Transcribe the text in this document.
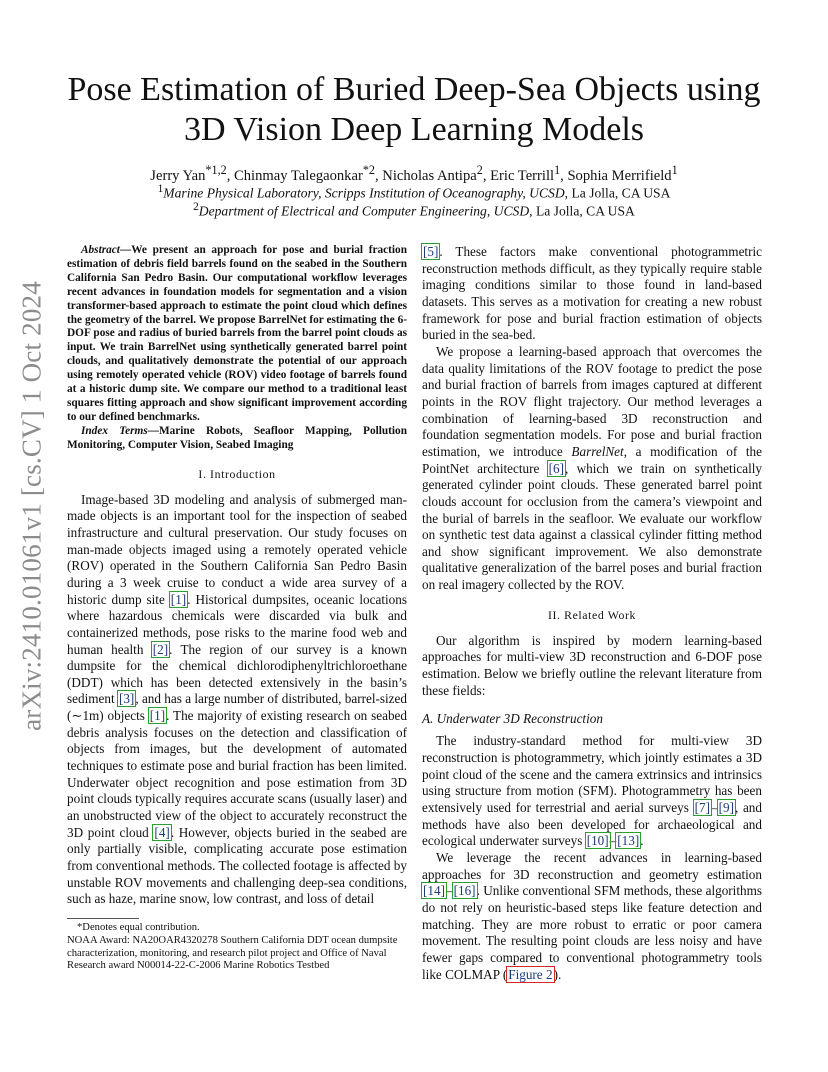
arXiv:2410.01061v1 [cs.CV] 1 Oct 2024
Pose Estimation of Buried Deep-Sea Objects using
3D Vision Deep Learning Models
Jerry Yan$^{*1,2}$, Chinmay Talegaonkar$^{*2}$, Nicholas Antipa$^2$, Eric Terrill$^1$, Sophia Merrifield$^1$
$^1$Marine Physical Laboratory, Scripps Institution of Oceanography, UCSD, La Jolla, CA USA
$^2$Department of Electrical and Computer Engineering, UCSD, La Jolla, CA USA

Abstract—We present an approach for pose and burial fraction estimation of debris field barrels found on the seabed in the Southern California San Pedro Basin. Our computational workflow leverages recent advances in foundation models for segmentation and a vision transformer-based approach to estimate the point cloud which defines the geometry of the barrel. We propose BarrelNet for estimating the 6-DOF pose and radius of buried barrels from the barrel point clouds as input. We train BarrelNet using synthetically generated barrel point clouds, and qualitatively demonstrate the potential of our approach using remotely operated vehicle (ROV) video footage of barrels found at a historic dump site. We compare our method to a traditional least squares fitting approach and show significant improvement according to our defined benchmarks.

Index Terms—Marine Robots, Seafloor Mapping, Pollution Monitoring, Computer Vision, Seabed Imaging

I. Introduction

Image-based 3D modeling and analysis of submerged man-made objects is an important tool for the inspection of seabed infrastructure and cultural preservation. Our study focuses on man-made objects imaged using a remotely operated vehicle (ROV) operated in the Southern California San Pedro Basin during a 3 week cruise to conduct a wide area survey of a historic dump site [1]. Historical dumpsites, oceanic locations where hazardous chemicals were discarded via bulk and containerized methods, pose risks to the marine food web and human health [2]. The region of our survey is a known dumpsite for the chemical dichlorodiphenyltrichloroethane (DDT) which has been detected extensively in the basin’s sediment [3], and has a large number of distributed, barrel-sized (∼1m) objects [1]. The majority of existing research on seabed debris analysis focuses on the detection and classification of objects from images, but the development of automated techniques to estimate pose and burial fraction has been limited. Underwater object recognition and pose estimation from 3D point clouds typically requires accurate scans (usually laser) and an unobstructed view of the object to accurately reconstruct the 3D point cloud [4]. However, objects buried in the seabed are only partially visible, complicating accurate pose estimation from conventional methods. The collected footage is affected by unstable ROV movements and challenging deep-sea conditions, such as haze, marine snow, low contrast, and loss of detail

*Denotes equal contribution.

NOAA Award: NA20OAR4320278 Southern California DDT ocean dumpsite characterization, monitoring, and research pilot project and Office of Naval Research award N00014-22-C-2006 Marine Robotics Testbed

[5]. These factors make conventional photogrammetric reconstruction methods difficult, as they typically require stable imaging conditions similar to those found in land-based datasets. This serves as a motivation for creating a new robust framework for pose and burial fraction estimation of objects buried in the sea-bed.

We propose a learning-based approach that overcomes the data quality limitations of the ROV footage to predict the pose and burial fraction of barrels from images captured at different points in the ROV flight trajectory. Our method leverages a combination of learning-based 3D reconstruction and foundation segmentation models. For pose and burial fraction estimation, we introduce BarrelNet, a modification of the PointNet architecture [6], which we train on synthetically generated cylinder point clouds. These generated barrel point clouds account for occlusion from the camera’s viewpoint and the burial of barrels in the seafloor. We evaluate our workflow on synthetic test data against a classical cylinder fitting method and show significant improvement. We also demonstrate qualitative generalization of the barrel poses and burial fraction on real imagery collected by the ROV.

II. Related Work

Our algorithm is inspired by modern learning-based approaches for multi-view 3D reconstruction and 6-DOF pose estimation. Below we briefly outline the relevant literature from these fields:

A. Underwater 3D Reconstruction

The industry-standard method for multi-view 3D reconstruction is photogrammetry, which jointly estimates a 3D point cloud of the scene and the camera extrinsics and intrinsics using structure from motion (SFM). Photogrammetry has been extensively used for terrestrial and aerial surveys [7]–[9], and methods have also been developed for archaeological and ecological underwater surveys [10]–[13].

We leverage the recent advances in learning-based approaches for 3D reconstruction and geometry estimation [14]–[16]. Unlike conventional SFM methods, these algorithms do not rely on heuristic-based steps like feature detection and matching. They are more robust to erratic or poor camera movement. The resulting point clouds are less noisy and have fewer gaps compared to conventional photogrammetry tools like COLMAP (Figure 2).
